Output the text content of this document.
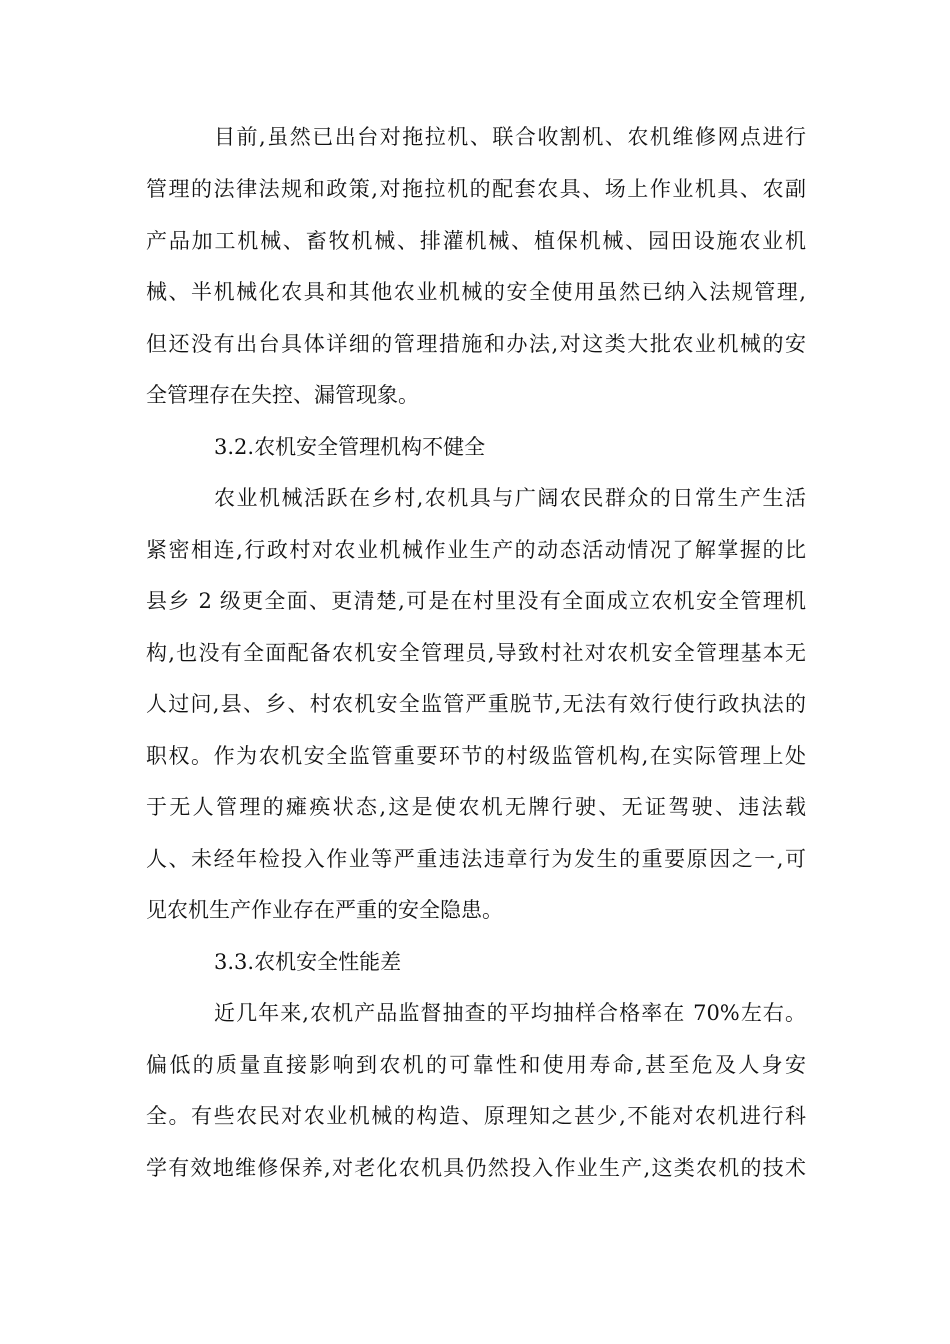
目前,虽然已出台对拖拉机、联合收割机、农机维修网点进行
管理的法律法规和政策,对拖拉机的配套农具、场上作业机具、农副
产品加工机械、畜牧机械、排灌机械、植保机械、园田设施农业机
械、半机械化农具和其他农业机械的安全使用虽然已纳入法规管理,
但还没有出台具体详细的管理措施和办法,对这类大批农业机械的安
全管理存在失控、漏管现象。
3.2.农机安全管理机构不健全
农业机械活跃在乡村,农机具与广阔农民群众的日常生产生活
紧密相连,行政村对农业机械作业生产的动态活动情况了解掌握的比
县乡 2 级更全面、更清楚,可是在村里没有全面成立农机安全管理机
构,也没有全面配备农机安全管理员,导致村社对农机安全管理基本无
人过问,县、乡、村农机安全监管严重脱节,无法有效行使行政执法的
职权。作为农机安全监管重要环节的村级监管机构,在实际管理上处
于无人管理的瘫痪状态,这是使农机无牌行驶、无证驾驶、违法载
人、未经年检投入作业等严重违法违章行为发生的重要原因之一,可
见农机生产作业存在严重的安全隐患。
3.3.农机安全性能差
近几年来,农机产品监督抽查的平均抽样合格率在 70%左右。
偏低的质量直接影响到农机的可靠性和使用寿命,甚至危及人身安
全。有些农民对农业机械的构造、原理知之甚少,不能对农机进行科
学有效地维修保养,对老化农机具仍然投入作业生产,这类农机的技术
